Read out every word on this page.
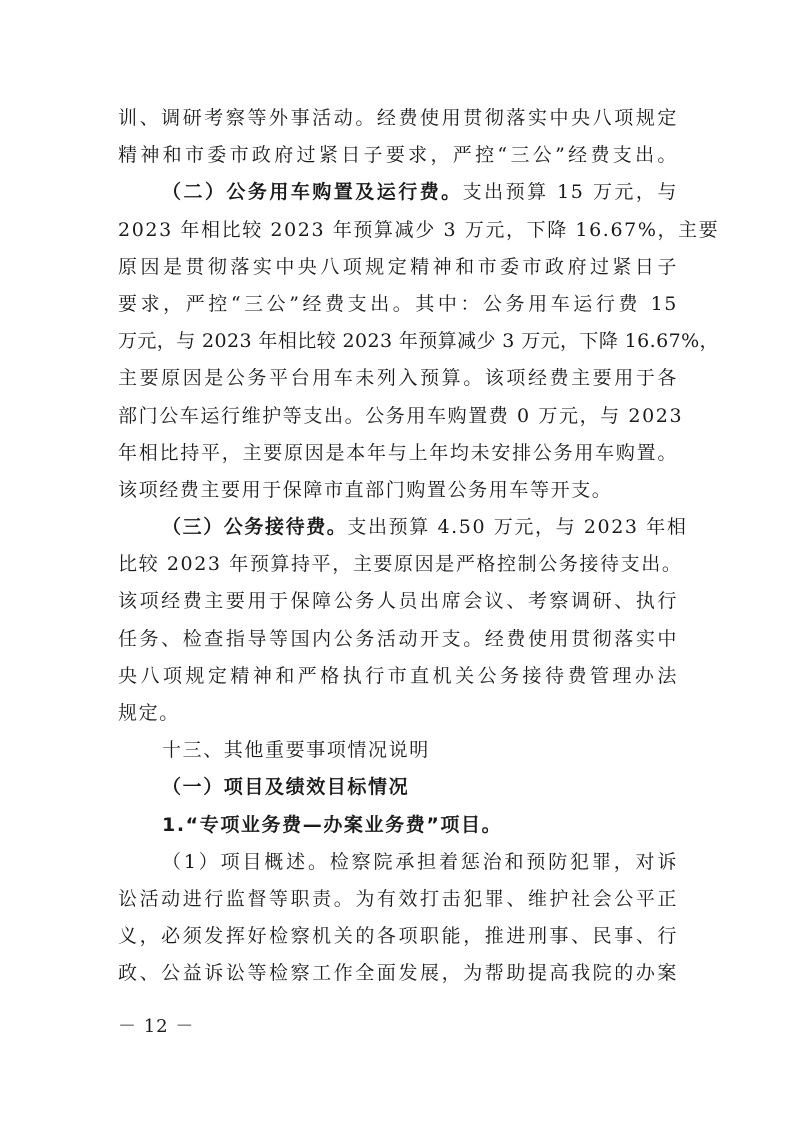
训、调研考察等外事活动。经费使用贯彻落实中央八项规定
精神和市委市政府过紧日子要求，严控“三公”经费支出。
（二）公务用车购置及运行费。支出预算 15 万元，与
2023 年相比较 2023 年预算减少 3 万元，下降 16.67%，主要
原因是贯彻落实中央八项规定精神和市委市政府过紧日子
要求，严控“三公”经费支出。其中：公务用车运行费 15
万元，与 2023 年相比较 2023 年预算减少 3 万元，下降 16.67%，
主要原因是公务平台用车未列入预算。该项经费主要用于各
部门公车运行维护等支出。公务用车购置费 0 万元，与 2023
年相比持平，主要原因是本年与上年均未安排公务用车购置。
该项经费主要用于保障市直部门购置公务用车等开支。
（三）公务接待费。支出预算 4.50 万元，与 2023 年相
比较 2023 年预算持平，主要原因是严格控制公务接待支出。
该项经费主要用于保障公务人员出席会议、考察调研、执行
任务、检查指导等国内公务活动开支。经费使用贯彻落实中
央八项规定精神和严格执行市直机关公务接待费管理办法
规定。
十三、其他重要事项情况说明
（一）项目及绩效目标情况
1.“专项业务费—办案业务费”项目。
（1）项目概述。检察院承担着惩治和预防犯罪，对诉
讼活动进行监督等职责。为有效打击犯罪、维护社会公平正
义，必须发挥好检察机关的各项职能，推进刑事、民事、行
政、公益诉讼等检察工作全面发展，为帮助提高我院的办案
－ 12 －
